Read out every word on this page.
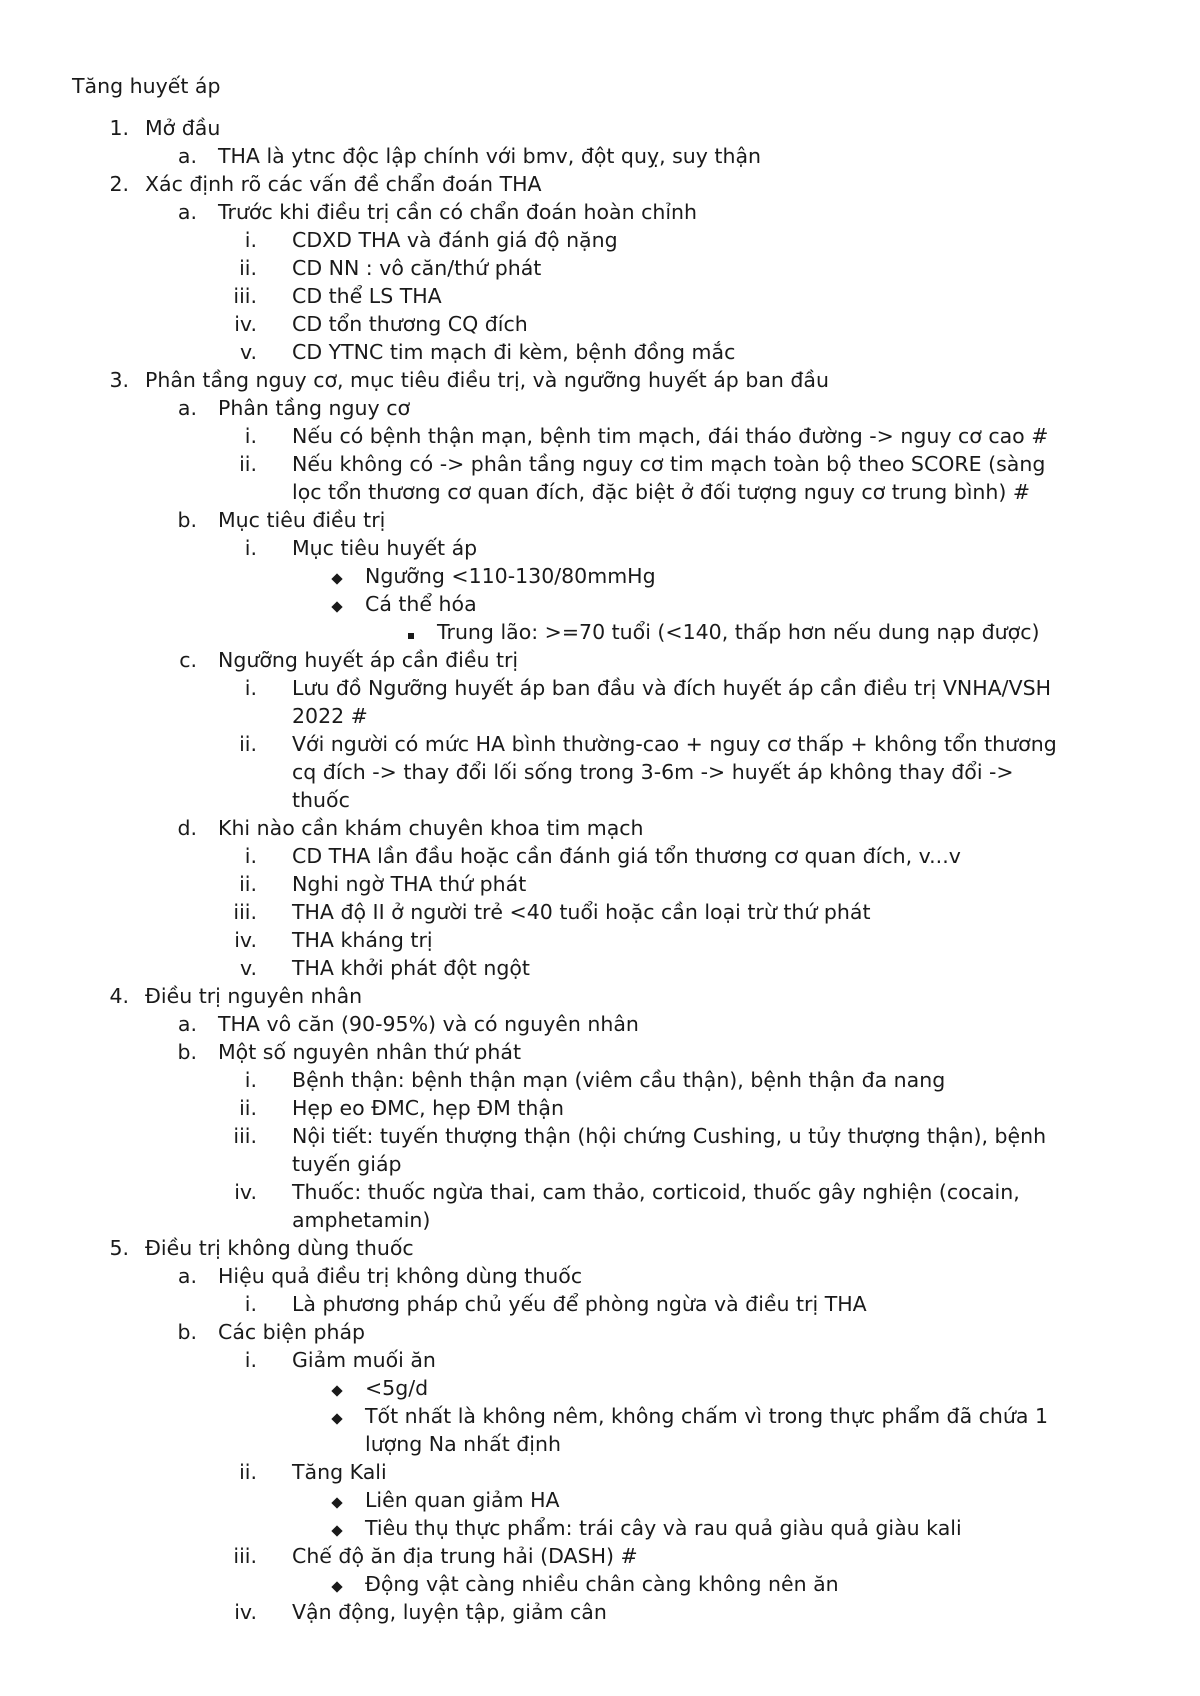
Tăng huyết áp
1. Mở đầu
a. THA là ytnc độc lập chính với bmv, đột quỵ, suy thận
2. Xác định rõ các vấn đề chẩn đoán THA
a. Trước khi điều trị cần có chẩn đoán hoàn chỉnh
i. CDXD THA và đánh giá độ nặng
ii. CD NN : vô căn/thứ phát
iii. CD thể LS THA
iv. CD tổn thương CQ đích
v. CD YTNC tim mạch đi kèm, bệnh đồng mắc
3. Phân tầng nguy cơ, mục tiêu điều trị, và ngưỡng huyết áp ban đầu
a. Phân tầng nguy cơ
i. Nếu có bệnh thận mạn, bệnh tim mạch, đái tháo đường -> nguy cơ cao #
ii. Nếu không có -> phân tầng nguy cơ tim mạch toàn bộ theo SCORE (sàng
lọc tổn thương cơ quan đích, đặc biệt ở đối tượng nguy cơ trung bình) #
b. Mục tiêu điều trị
i. Mục tiêu huyết áp
Ngưỡng <110-130/80mmHg
Cá thể hóa
Trung lão: >=70 tuổi (<140, thấp hơn nếu dung nạp được)
c. Ngưỡng huyết áp cần điều trị
i. Lưu đồ Ngưỡng huyết áp ban đầu và đích huyết áp cần điều trị VNHA/VSH
2022 #
ii. Với người có mức HA bình thường-cao + nguy cơ thấp + không tổn thương
cq đích -> thay đổi lối sống trong 3-6m -> huyết áp không thay đổi ->
thuốc
d. Khi nào cần khám chuyên khoa tim mạch
i. CD THA lần đầu hoặc cần đánh giá tổn thương cơ quan đích, v...v
ii. Nghi ngờ THA thứ phát
iii. THA độ II ở người trẻ <40 tuổi hoặc cần loại trừ thứ phát
iv. THA kháng trị
v. THA khởi phát đột ngột
4. Điều trị nguyên nhân
a. THA vô căn (90-95%) và có nguyên nhân
b. Một số nguyên nhân thứ phát
i. Bệnh thận: bệnh thận mạn (viêm cầu thận), bệnh thận đa nang
ii. Hẹp eo ĐMC, hẹp ĐM thận
iii. Nội tiết: tuyến thượng thận (hội chứng Cushing, u tủy thượng thận), bệnh
tuyến giáp
iv. Thuốc: thuốc ngừa thai, cam thảo, corticoid, thuốc gây nghiện (cocain,
amphetamin)
5. Điều trị không dùng thuốc
a. Hiệu quả điều trị không dùng thuốc
i. Là phương pháp chủ yếu để phòng ngừa và điều trị THA
b. Các biện pháp
i. Giảm muối ăn
<5g/d
Tốt nhất là không nêm, không chấm vì trong thực phẩm đã chứa 1
lượng Na nhất định
ii. Tăng Kali
Liên quan giảm HA
Tiêu thụ thực phẩm: trái cây và rau quả giàu quả giàu kali
iii. Chế độ ăn địa trung hải (DASH) #
Động vật càng nhiều chân càng không nên ăn
iv. Vận động, luyện tập, giảm cân
